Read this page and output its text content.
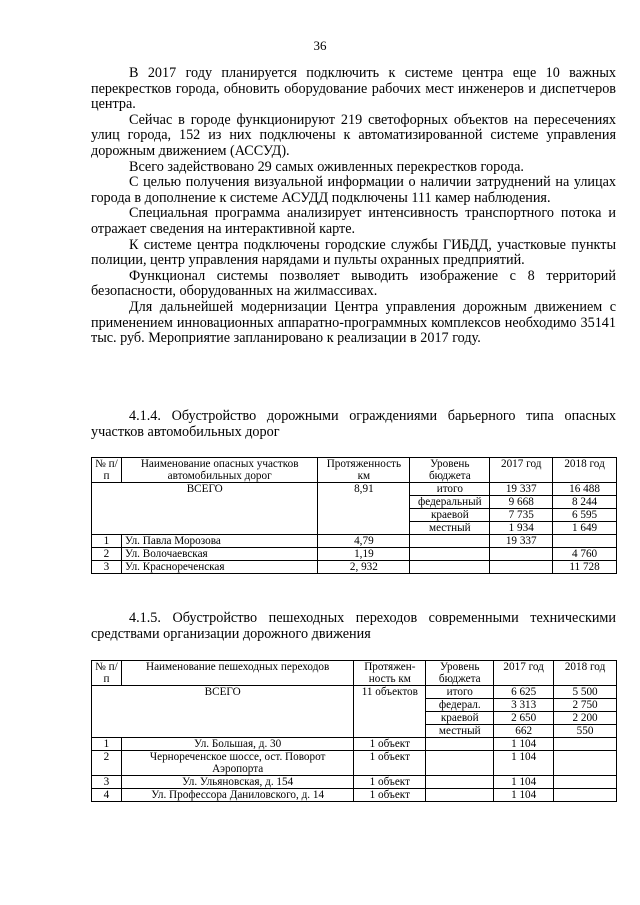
36

В 2017 году планируется подключить к системе центра еще 10 важных перекрестков города, обновить оборудование рабочих мест инженеров и диспетчеров центра.

Сейчас в городе функционируют 219 светофорных объектов на пересечениях улиц города, 152 из них подключены к автоматизированной системе управления дорожным движением (АССУД).

Всего задействовано 29 самых оживленных перекрестков города.

С целью получения визуальной информации о наличии затруднений на улицах города в дополнение к системе АСУДД подключены 111 камер наблюдения.

Специальная программа анализирует интенсивность транспортного потока и отражает сведения на интерактивной карте.

К системе центра подключены городские службы ГИБДД, участковые пункты полиции, центр управления нарядами и пульты охранных предприятий.

Функционал системы позволяет выводить изображение с 8 территорий безопасности, оборудованных на жилмассивах.

Для дальнейшей модернизации Центра управления дорожным движением с применением инновационных аппаратно-программных комплексов необходимо 35141 тыс. руб. Мероприятие запланировано к реализации в 2017 году.

4.1.4. Обустройство дорожными ограждениями барьерного типа опасных участков автомобильных дорог
№ п/п	Наименование опасных участков автомобильных дорог	Протяженность км	Уровень бюджета	2017 год	2018 год
ВСЕГО		8,91	итого	19 337	16 488
			федеральный	9 668	8 244
			краевой	7 735	6 595
			местный	1 934	1 649
1	Ул. Павла Морозова	4,79		19 337	
2	Ул. Волочаевская	1,19			4 760
3	Ул. Краснореченская	2, 932			11 728
4.1.5. Обустройство пешеходных переходов современными техническими средствами организации дорожного движения
№ п/п	Наименование пешеходных переходов	Протяжен-ность км	Уровень бюджета	2017 год	2018 год
ВСЕГО		11 объектов	итого	6 625	5 500
			федерал.	3 313	2 750
			краевой	2 650	2 200
			местный	662	550
1	Ул. Большая, д. 30	1 объект		1 104	
2	Чернореченское шоссе, ост. Поворот Аэропорта	1 объект		1 104	
3	Ул. Ульяновская, д. 154	1 объект		1 104	
4	Ул. Профессора Даниловского, д. 14	1 объект		1 104	
